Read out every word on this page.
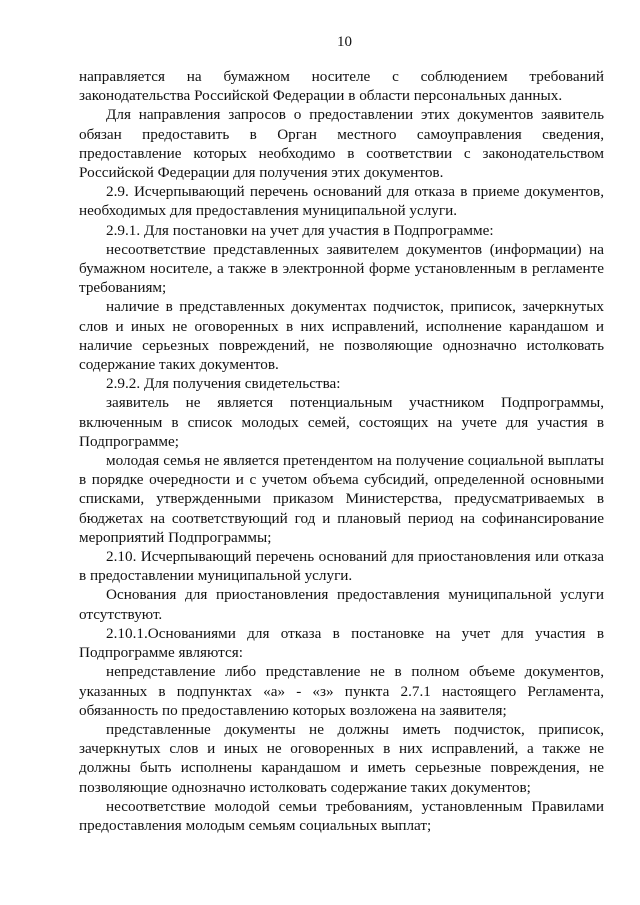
10

направляется на бумажном носителе с соблюдением требований законодательства Российской Федерации в области персональных данных.

Для направления запросов о предоставлении этих документов заявитель обязан предоставить в Орган местного самоуправления сведения, предоставление которых необходимо в соответствии с законодательством Российской Федерации для получения этих документов.

2.9. Исчерпывающий перечень оснований для отказа в приеме документов, необходимых для предоставления муниципальной услуги.

2.9.1. Для постановки на учет для участия в Подпрограмме:

несоответствие представленных заявителем документов (информации) на бумажном носителе, а также в электронной форме установленным в регламенте требованиям;

наличие в представленных документах подчисток, приписок, зачеркнутых слов и иных не оговоренных в них исправлений, исполнение карандашом и наличие серьезных повреждений, не позволяющие однозначно истолковать содержание таких документов.

2.9.2. Для получения свидетельства:

заявитель не является потенциальным участником Подпрограммы, включенным в список молодых семей, состоящих на учете для участия в Подпрограмме;

молодая семья не является претендентом на получение социальной выплаты в порядке очередности и с учетом объема субсидий, определенной основными списками, утвержденными приказом Министерства, предусматриваемых в бюджетах на соответствующий год и плановый период на софинансирование мероприятий Подпрограммы;

2.10. Исчерпывающий перечень оснований для приостановления или отказа в предоставлении муниципальной услуги.

Основания для приостановления предоставления муниципальной услуги отсутствуют.

2.10.1.Основаниями для отказа в постановке на учет для участия в Подпрограмме являются:

непредставление либо представление не в полном объеме документов, указанных в подпунктах «а» - «з» пункта 2.7.1 настоящего Регламента, обязанность по предоставлению которых возложена на заявителя;

представленные документы не должны иметь подчисток, приписок, зачеркнутых слов и иных не оговоренных в них исправлений, а также не должны быть исполнены карандашом и иметь серьезные повреждения, не позволяющие однозначно истолковать содержание таких документов;

несоответствие молодой семьи требованиям, установленным Правилами предоставления молодым семьям социальных выплат;
